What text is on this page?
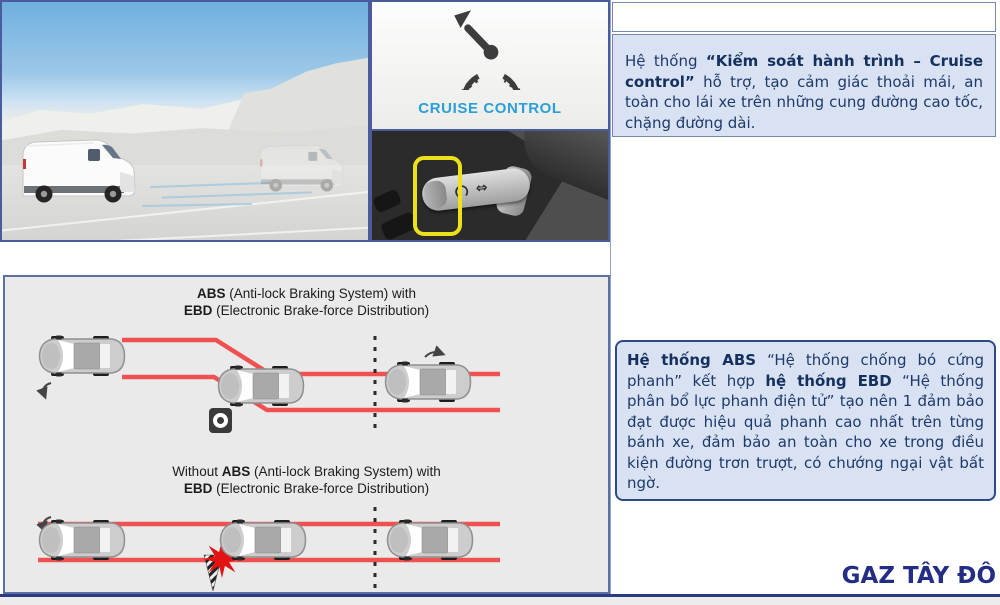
CRUISE CONTROL
⇔
ABS (Anti-lock Braking System) with
EBD (Electronic Brake-force Distribution)
Without ABS (Anti-lock Braking System) with
EBD (Electronic Brake-force Distribution)
Hệ thống “Kiểm soát hành trình – Cruise control” hỗ trợ, tạo cảm giác thoải mái, an toàn cho lái xe trên những cung đường cao tốc, chặng đường dài.
Hệ thống ABS “Hệ thống chống bó cứng phanh” kết hợp hệ thống EBD “Hệ thống phân bổ lực phanh điện tử” tạo nên 1 đảm bảo đạt được hiệu quả phanh cao nhất trên từng bánh xe, đảm bảo an toàn cho xe trong điều kiện đường trơn trượt, có chướng ngại vật bất ngờ.
GAZ TÂY ĐÔ
